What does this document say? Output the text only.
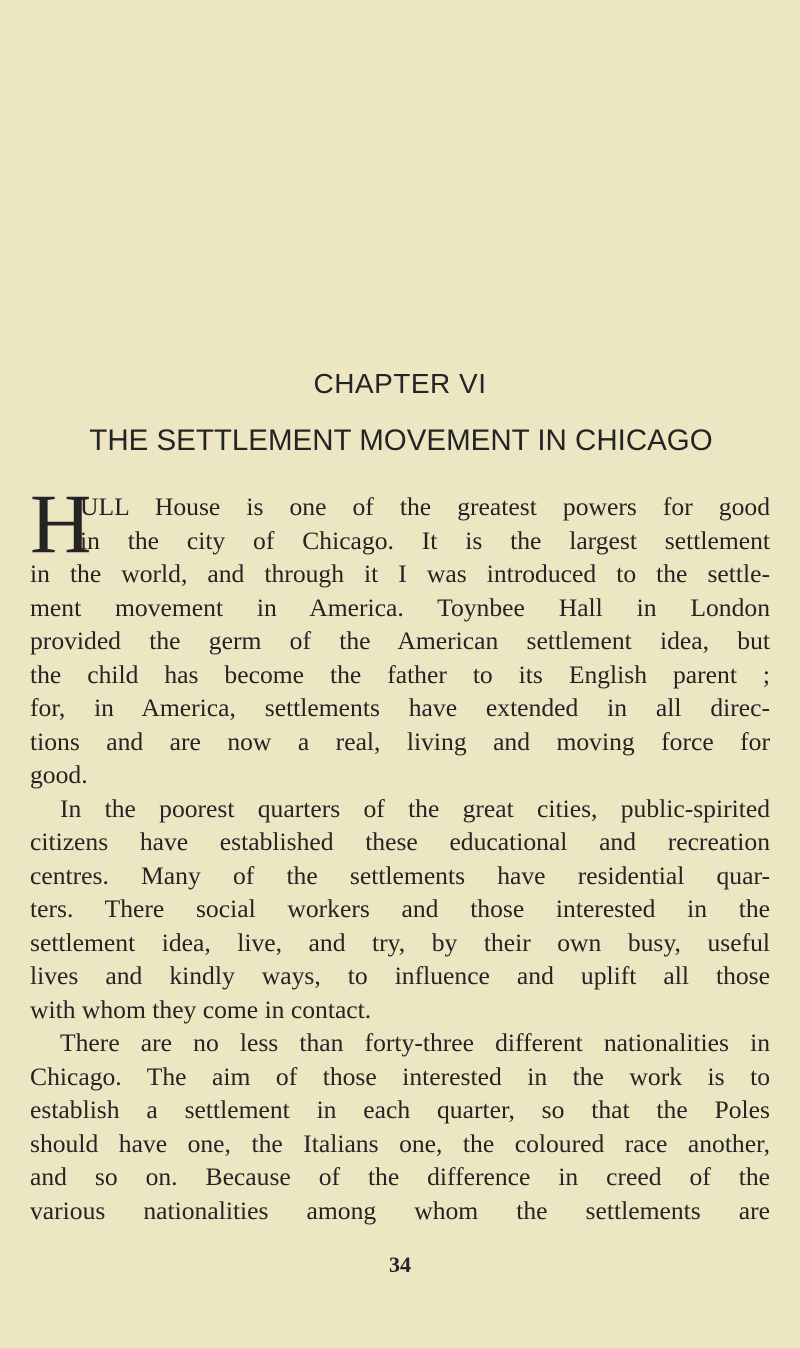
CHAPTER VI
THE SETTLEMENT MOVEMENT IN CHICAGO
H
ULL House is one of the greatest powers for good
in the city of Chicago. It is the largest settlement
in the world, and through it I was introduced to the settle-
ment movement in America. Toynbee Hall in London
provided the germ of the American settlement idea, but
the child has become the father to its English parent ;
for, in America, settlements have extended in all direc-
tions and are now a real, living and moving force for
good.
In the poorest quarters of the great cities, public-spirited
citizens have established these educational and recreation
centres. Many of the settlements have residential quar-
ters. There social workers and those interested in the
settlement idea, live, and try, by their own busy, useful
lives and kindly ways, to influence and uplift all those
with whom they come in contact.
There are no less than forty-three different nationalities in
Chicago. The aim of those interested in the work is to
establish a settlement in each quarter, so that the Poles
should have one, the Italians one, the coloured race another,
and so on. Because of the difference in creed of the
various nationalities among whom the settlements are
34
